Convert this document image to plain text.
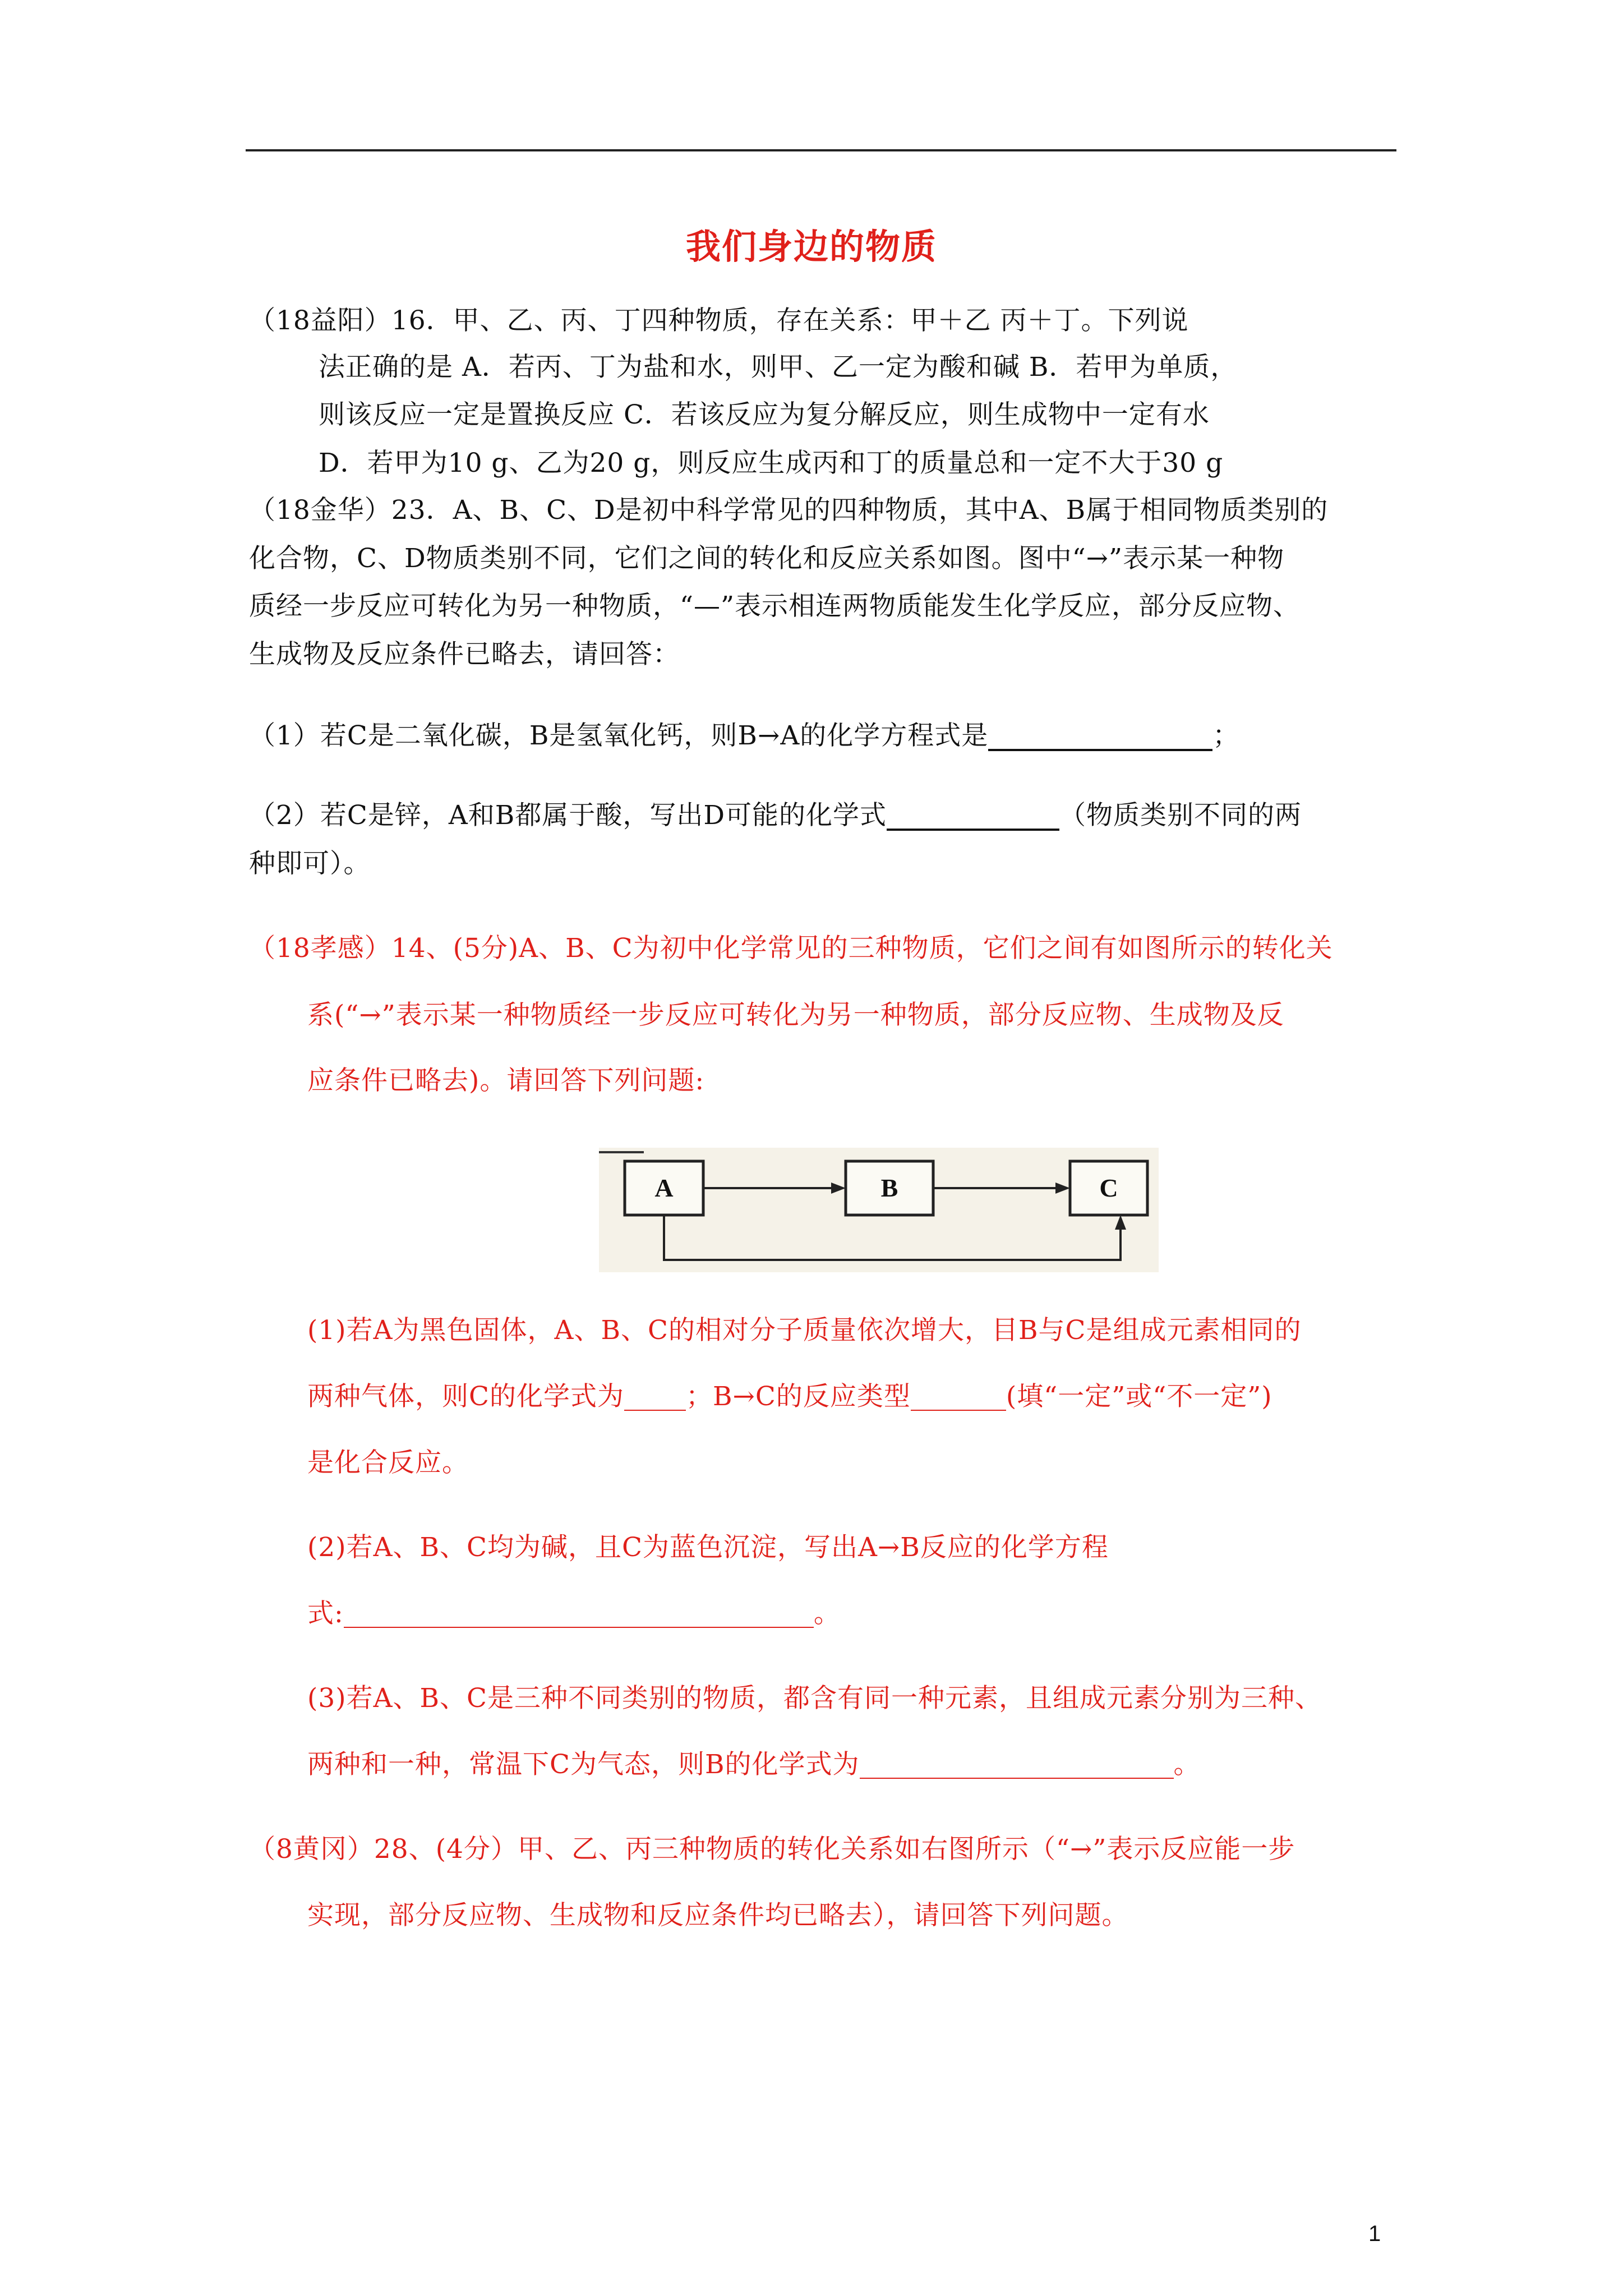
我们身边的物质
（18益阳）16．甲、乙、丙、丁四种物质，存在关系：甲＋乙 丙＋丁。下列说
法正确的是 A．若丙、丁为盐和水，则甲、乙一定为酸和碱 B．若甲为单质，
则该反应一定是置换反应 C．若该反应为复分解反应，则生成物中一定有水
D．若甲为10 g、乙为20 g，则反应生成丙和丁的质量总和一定不大于30 g
（18金华）23．A、B、C、D是初中科学常见的四种物质，其中A、B属于相同物质类别的
化合物，C、D物质类别不同，它们之间的转化和反应关系如图。图中“→”表示某一种物
质经一步反应可转化为另一种物质，“—”表示相连两物质能发生化学反应，部分反应物、
生成物及反应条件已略去，请回答：
（1）若C是二氧化碳，B是氢氧化钙，则B→A的化学方程式是	；
（2）若C是锌，A和B都属于酸，写出D可能的化学式	（物质类别不同的两
种即可）。
（18孝感）14、(5分)A、B、C为初中化学常见的三种物质，它们之间有如图所示的转化关
系(“→”表示某一种物质经一步反应可转化为另一种物质，部分反应物、生成物及反
应条件已略去)。请回答下列问题:
A	B	C
(1)若A为黑色固体，A、B、C的相对分子质量依次增大，目B与C是组成元素相同的
两种气体，则C的化学式为 ；B→C的反应类型	(填“一定”或“不一定”)
是化合反应。
(2)若A、B、C均为碱，且C为蓝色沉淀，写出A→B反应的化学方程
式:	。
(3)若A、B、C是三种不同类别的物质，都含有同一种元素，且组成元素分别为三种、
两种和一种，常温下C为气态，则B的化学式为	。
（8黄冈）28、(4分）甲、乙、丙三种物质的转化关系如右图所示（“→”表示反应能一步
实现，部分反应物、生成物和反应条件均已略去），请回答下列问题。
1
